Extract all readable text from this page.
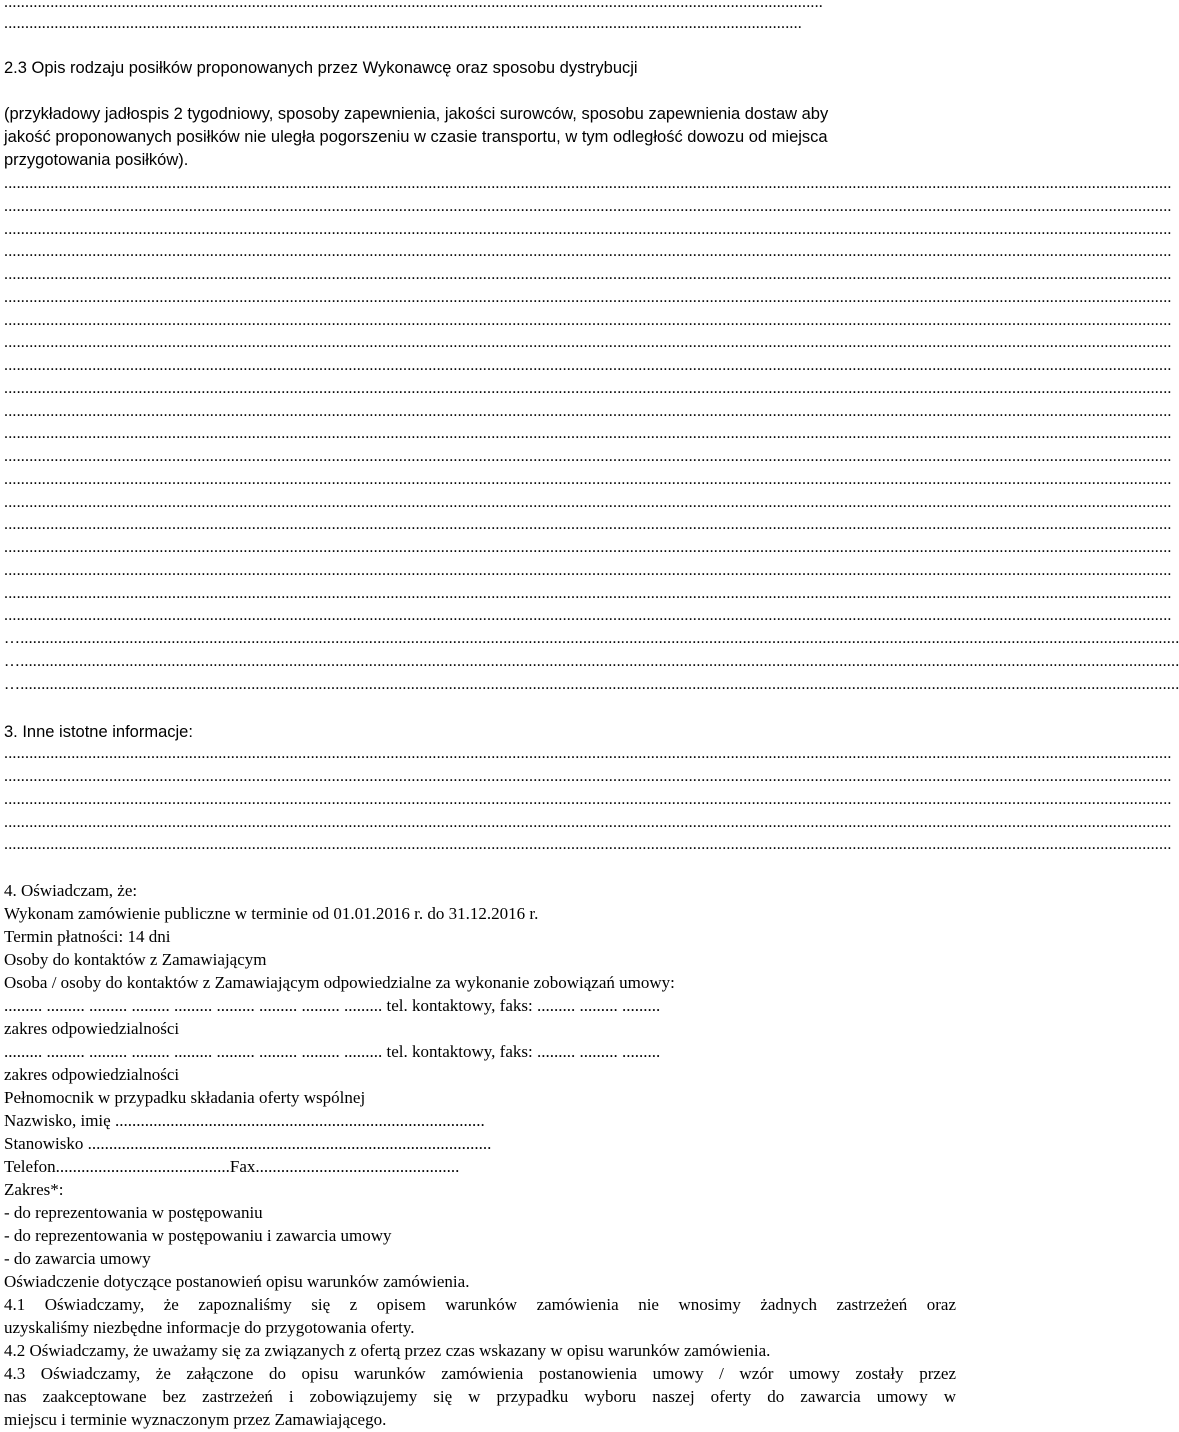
...................................................................................................................................................................................................
..............................................................................................................................................................................................
2.3 Opis rodzaju posiłków proponowanych przez Wykonawcę oraz sposobu dystrybucji
(przykładowy jadłospis 2 tygodniowy, sposoby zapewnienia, jakości surowców, sposobu zapewnienia dostaw aby
jakość proponowanych posiłków nie uległa pogorszeniu w czasie transportu, w tym odległość dowozu od miejsca
przygotowania posiłków).
......................................................................................................................................................................................................................................................................................
......................................................................................................................................................................................................................................................................................
......................................................................................................................................................................................................................................................................................
......................................................................................................................................................................................................................................................................................
......................................................................................................................................................................................................................................................................................
......................................................................................................................................................................................................................................................................................
......................................................................................................................................................................................................................................................................................
......................................................................................................................................................................................................................................................................................
......................................................................................................................................................................................................................................................................................
......................................................................................................................................................................................................................................................................................
......................................................................................................................................................................................................................................................................................
......................................................................................................................................................................................................................................................................................
......................................................................................................................................................................................................................................................................................
......................................................................................................................................................................................................................................................................................
......................................................................................................................................................................................................................................................................................
......................................................................................................................................................................................................................................................................................
......................................................................................................................................................................................................................................................................................
......................................................................................................................................................................................................................................................................................
......................................................................................................................................................................................................................................................................................
......................................................................................................................................................................................................................................................................................
…....................................................................................................................................................................................................................................................................................
…....................................................................................................................................................................................................................................................................................
…....................................................................................................................................................................................................................................................................................
3. Inne istotne informacje:
......................................................................................................................................................................................................................................................................................
......................................................................................................................................................................................................................................................................................
......................................................................................................................................................................................................................................................................................
......................................................................................................................................................................................................................................................................................
......................................................................................................................................................................................................................................................................................
4. Oświadczam, że:
Wykonam zamówienie publiczne w terminie od 01.01.2016 r. do 31.12.2016 r.
Termin płatności: 14 dni
Osoby do kontaktów z Zamawiającym
Osoba / osoby do kontaktów z Zamawiającym odpowiedzialne za wykonanie zobowiązań umowy:
......... ......... ......... ......... ......... ......... ......... ......... ......... tel. kontaktowy, faks: ......... ......... .........
zakres odpowiedzialności
......... ......... ......... ......... ......... ......... ......... ......... ......... tel. kontaktowy, faks: ......... ......... .........
zakres odpowiedzialności
Pełnomocnik w przypadku składania oferty wspólnej
Nazwisko, imię .......................................................................................
Stanowisko ...............................................................................................
Telefon.........................................Fax................................................
Zakres*:
- do reprezentowania w postępowaniu
- do reprezentowania w postępowaniu i zawarcia umowy
- do zawarcia umowy
Oświadczenie dotyczące postanowień opisu warunków zamówienia.
4.1 Oświadczamy, że zapoznaliśmy się z opisem warunków zamówienia nie wnosimy żadnych zastrzeżeń oraz
uzyskaliśmy niezbędne informacje do przygotowania oferty.
4.2 Oświadczamy, że uważamy się za związanych z ofertą przez czas wskazany w opisu warunków zamówienia.
4.3 Oświadczamy, że załączone do opisu warunków zamówienia postanowienia umowy / wzór umowy zostały przez
nas zaakceptowane bez zastrzeżeń i zobowiązujemy się w przypadku wyboru naszej oferty do zawarcia umowy w
miejscu i terminie wyznaczonym przez Zamawiającego.
